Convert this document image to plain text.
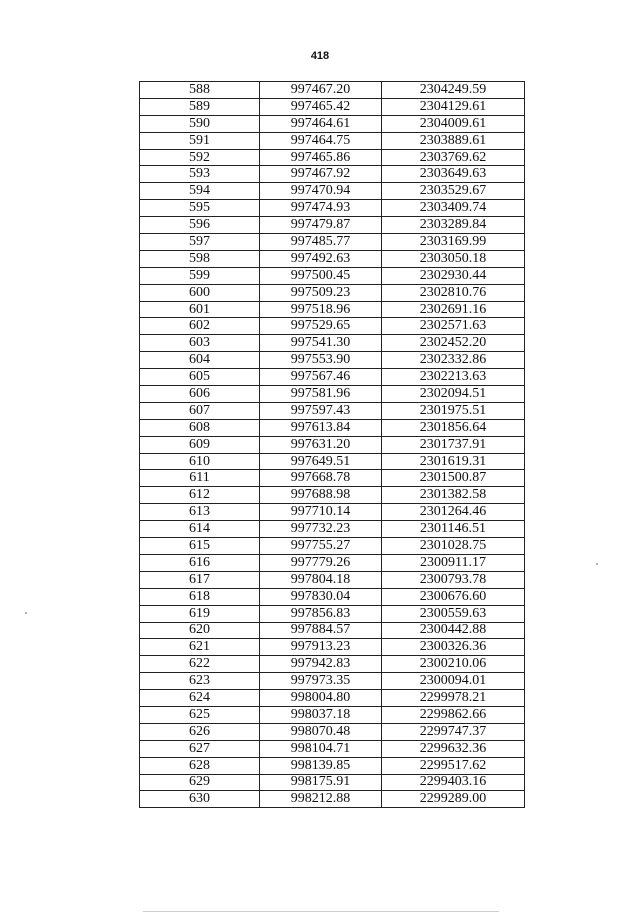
418
588	997467.20	2304249.59
589	997465.42	2304129.61
590	997464.61	2304009.61
591	997464.75	2303889.61
592	997465.86	2303769.62
593	997467.92	2303649.63
594	997470.94	2303529.67
595	997474.93	2303409.74
596	997479.87	2303289.84
597	997485.77	2303169.99
598	997492.63	2303050.18
599	997500.45	2302930.44
600	997509.23	2302810.76
601	997518.96	2302691.16
602	997529.65	2302571.63
603	997541.30	2302452.20
604	997553.90	2302332.86
605	997567.46	2302213.63
606	997581.96	2302094.51
607	997597.43	2301975.51
608	997613.84	2301856.64
609	997631.20	2301737.91
610	997649.51	2301619.31
611	997668.78	2301500.87
612	997688.98	2301382.58
613	997710.14	2301264.46
614	997732.23	2301146.51
615	997755.27	2301028.75
616	997779.26	2300911.17
617	997804.18	2300793.78
618	997830.04	2300676.60
619	997856.83	2300559.63
620	997884.57	2300442.88
621	997913.23	2300326.36
622	997942.83	2300210.06
623	997973.35	2300094.01
624	998004.80	2299978.21
625	998037.18	2299862.66
626	998070.48	2299747.37
627	998104.71	2299632.36
628	998139.85	2299517.62
629	998175.91	2299403.16
630	998212.88	2299289.00
